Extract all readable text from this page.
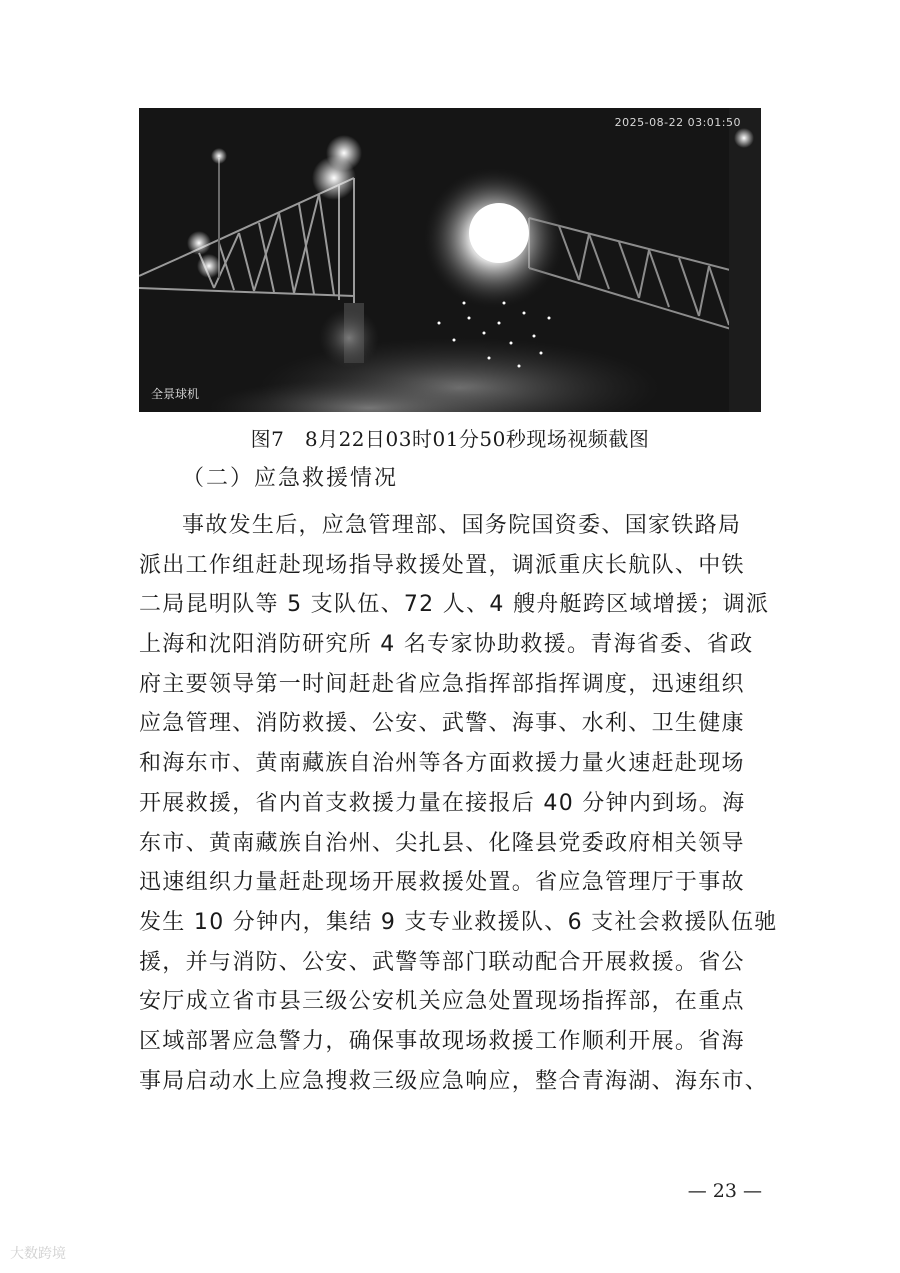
2025-08-22 03:01:50
全景球机
图7　8月22日03时01分50秒现场视频截图
（二）应急救援情况
事故发生后，应急管理部、国务院国资委、国家铁路局
派出工作组赶赴现场指导救援处置，调派重庆长航队、中铁
二局昆明队等 5 支队伍、72 人、4 艘舟艇跨区域增援；调派
上海和沈阳消防研究所 4 名专家协助救援。青海省委、省政
府主要领导第一时间赶赴省应急指挥部指挥调度，迅速组织
应急管理、消防救援、公安、武警、海事、水利、卫生健康
和海东市、黄南藏族自治州等各方面救援力量火速赶赴现场
开展救援，省内首支救援力量在接报后 40 分钟内到场。海
东市、黄南藏族自治州、尖扎县、化隆县党委政府相关领导
迅速组织力量赶赴现场开展救援处置。省应急管理厅于事故
发生 10 分钟内，集结 9 支专业救援队、6 支社会救援队伍驰
援，并与消防、公安、武警等部门联动配合开展救援。省公
安厅成立省市县三级公安机关应急处置现场指挥部，在重点
区域部署应急警力，确保事故现场救援工作顺利开展。省海
事局启动水上应急搜救三级应急响应，整合青海湖、海东市、
— 23 —
大数跨境
